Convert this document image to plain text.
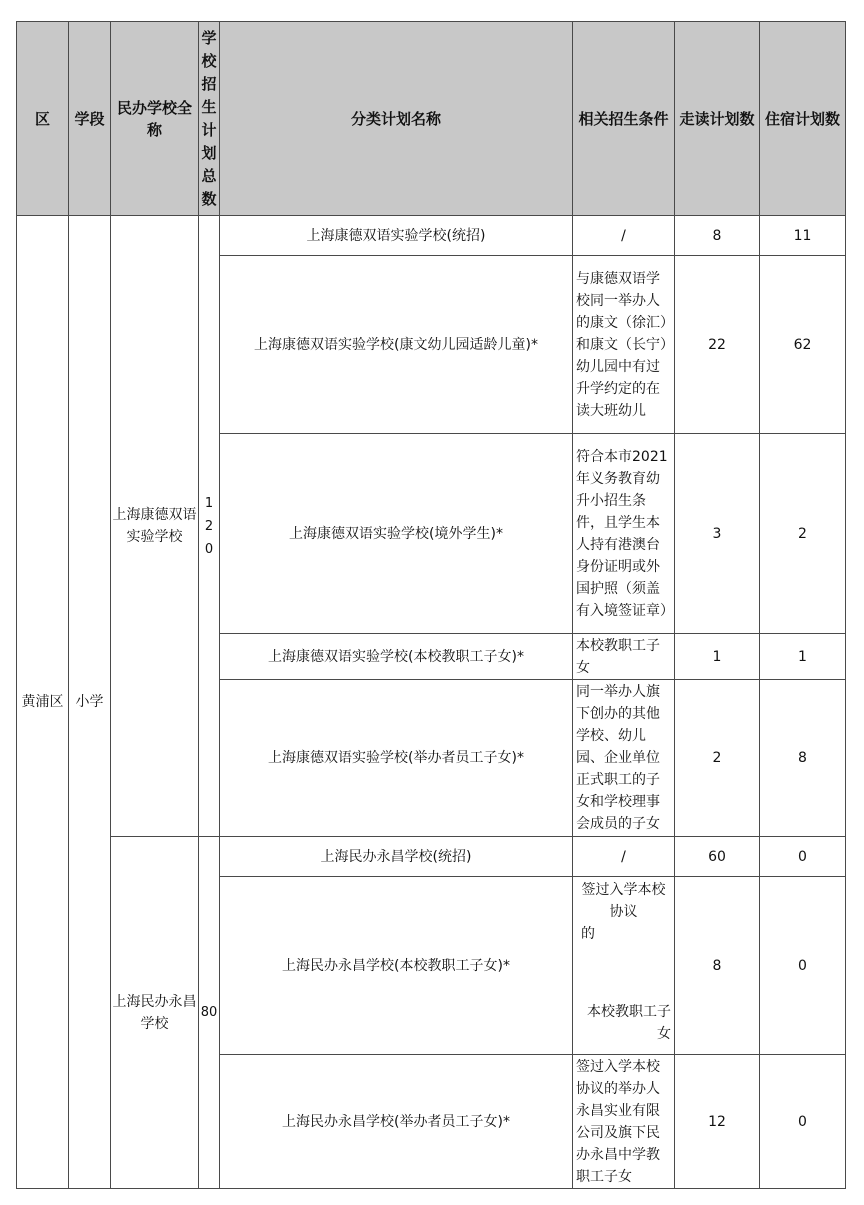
区	学段	民办学校全称	学校招生计划总数	分类计划名称	相关招生条件	走读计划数	住宿计划数
黄浦区	小学	上海康德双语实验学校	120	上海康德双语实验学校(统招)	/	8	11
				上海康德双语实验学校(康文幼儿园适龄儿童)*	与康德双语学校同一举办人的康文（徐汇）和康文（长宁）幼儿园中有过升学约定的在读大班幼儿	22	62
				上海康德双语实验学校(境外学生)*	符合本市2021年义务教育幼升小招生条件，且学生本人持有港澳台身份证明或外国护照（须盖有入境签证章）	3	2
				上海康德双语实验学校(本校教职工子女)*	本校教职工子女	1	1
				上海康德双语实验学校(举办者员工子女)*	同一举办人旗下创办的其他学校、幼儿园、企业单位正式职工的子女和学校理事会成员的子女	2	8
		上海民办永昌学校	80	上海民办永昌学校(统招)	/	60	0
				上海民办永昌学校(本校教职工子女)*	签过入学本校协议
的
本校教职工子女	8	0
				上海民办永昌学校(举办者员工子女)*	签过入学本校协议的举办人永昌实业有限公司及旗下民办永昌中学教职工子女	12	0
